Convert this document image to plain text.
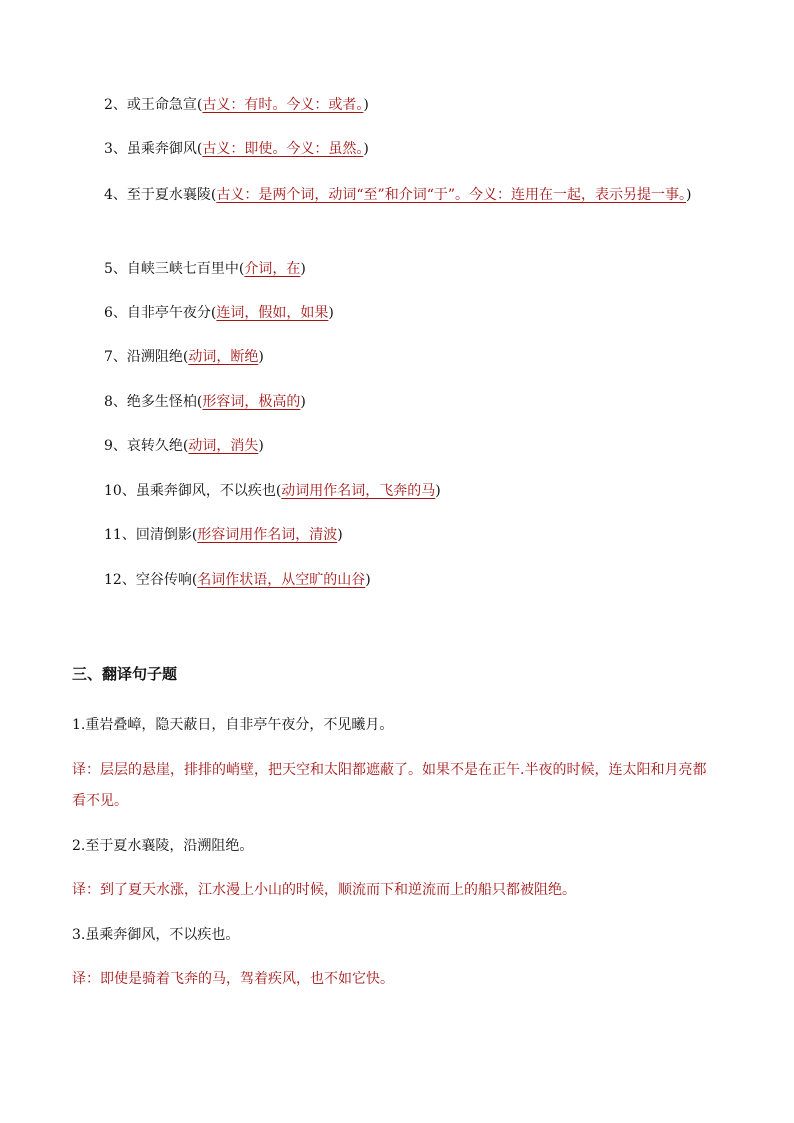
2、或王命急宣(古义：有时。今义：或者。)
3、虽乘奔御风(古义：即使。今义：虽然。)
4、至于夏水襄陵(古义：是两个词，动词“至”和介词“于”。今义：连用在一起，表示另提一事。)
5、自峡三峡七百里中(介词，在)
6、自非亭午夜分(连词，假如，如果)
7、沿溯阻绝(动词，断绝)
8、绝多生怪柏(形容词，极高的)
9、哀转久绝(动词，消失)
10、虽乘奔御风，不以疾也(动词用作名词，飞奔的马)
11、回清倒影(形容词用作名词，清波)
12、空谷传响(名词作状语，从空旷的山谷)
三、翻译句子题
1.重岩叠嶂，隐天蔽日，自非亭午夜分，不见曦月。
译：层层的悬崖，排排的峭壁，把天空和太阳都遮蔽了。如果不是在正午.半夜的时候，连太阳和月亮都看不见。
2.至于夏水襄陵，沿溯阻绝。
译：到了夏天水涨，江水漫上小山的时候，顺流而下和逆流而上的船只都被阻绝。
3.虽乘奔御风，不以疾也。
译：即使是骑着飞奔的马，驾着疾风，也不如它快。
